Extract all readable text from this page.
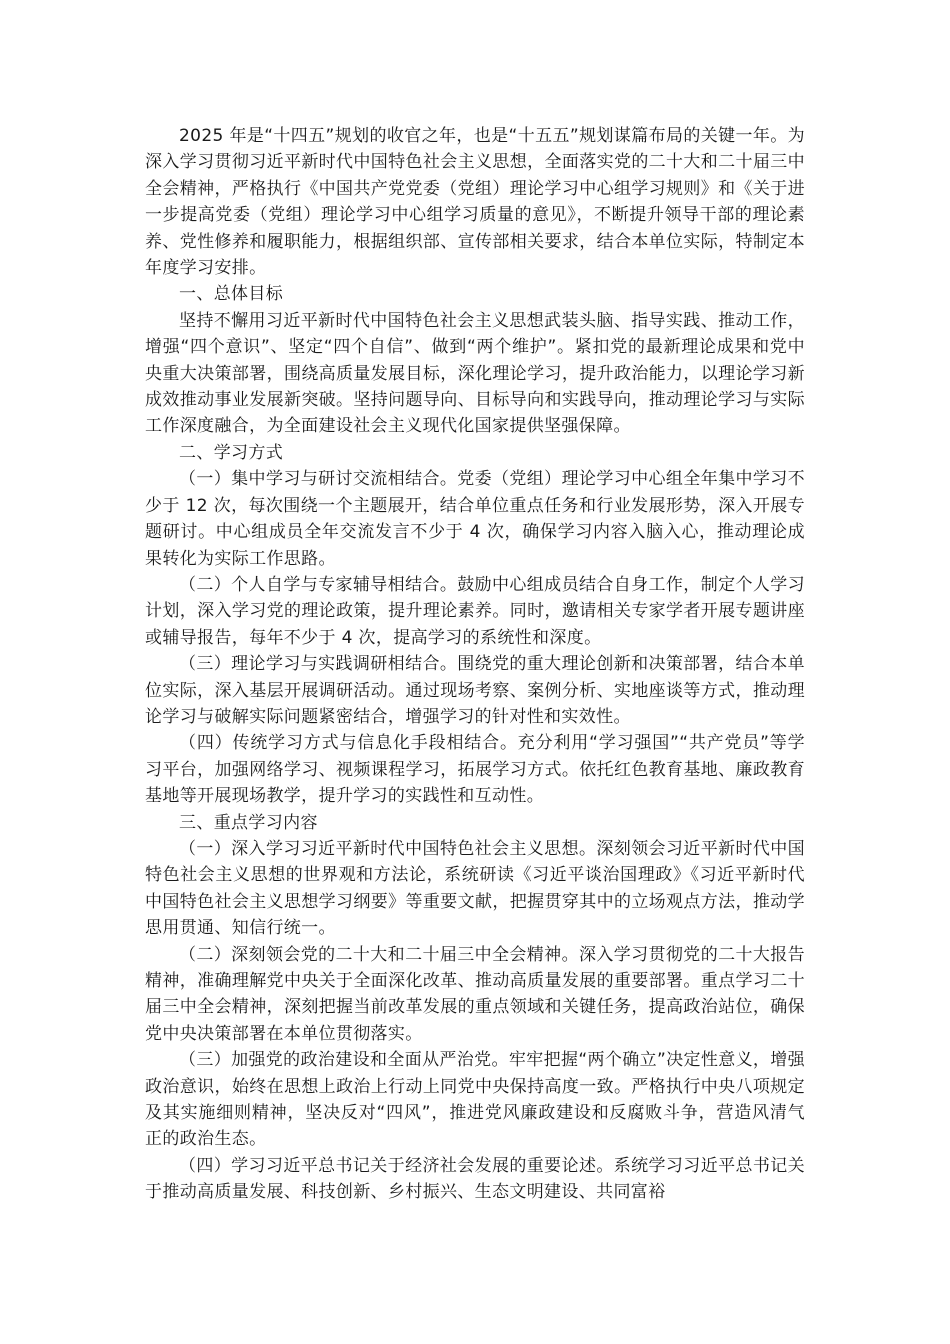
2025 年是“十四五”规划的收官之年，也是“十五五”规划谋篇布局的关键一年。为深入学习贯彻习近平新时代中国特色社会主义思想，全面落实党的二十大和二十届三中全会精神，严格执行《中国共产党党委（党组）理论学习中心组学习规则》和《关于进一步提高党委（党组）理论学习中心组学习质量的意见》，不断提升领导干部的理论素养、党性修养和履职能力，根据组织部、宣传部相关要求，结合本单位实际，特制定本年度学习安排。

一、总体目标

坚持不懈用习近平新时代中国特色社会主义思想武装头脑、指导实践、推动工作，增强“四个意识”、坚定“四个自信”、做到“两个维护”。紧扣党的最新理论成果和党中央重大决策部署，围绕高质量发展目标，深化理论学习，提升政治能力，以理论学习新成效推动事业发展新突破。坚持问题导向、目标导向和实践导向，推动理论学习与实际工作深度融合，为全面建设社会主义现代化国家提供坚强保障。

二、学习方式

（一）集中学习与研讨交流相结合。党委（党组）理论学习中心组全年集中学习不少于 12 次，每次围绕一个主题展开，结合单位重点任务和行业发展形势，深入开展专题研讨。中心组成员全年交流发言不少于 4 次，确保学习内容入脑入心，推动理论成果转化为实际工作思路。

（二）个人自学与专家辅导相结合。鼓励中心组成员结合自身工作，制定个人学习计划，深入学习党的理论政策，提升理论素养。同时，邀请相关专家学者开展专题讲座或辅导报告，每年不少于 4 次，提高学习的系统性和深度。

（三）理论学习与实践调研相结合。围绕党的重大理论创新和决策部署，结合本单位实际，深入基层开展调研活动。通过现场考察、案例分析、实地座谈等方式，推动理论学习与破解实际问题紧密结合，增强学习的针对性和实效性。

（四）传统学习方式与信息化手段相结合。充分利用“学习强国”“共产党员”等学习平台，加强网络学习、视频课程学习，拓展学习方式。依托红色教育基地、廉政教育基地等开展现场教学，提升学习的实践性和互动性。

三、重点学习内容

（一）深入学习习近平新时代中国特色社会主义思想。深刻领会习近平新时代中国特色社会主义思想的世界观和方法论，系统研读《习近平谈治国理政》《习近平新时代中国特色社会主义思想学习纲要》等重要文献，把握贯穿其中的立场观点方法，推动学思用贯通、知信行统一。

（二）深刻领会党的二十大和二十届三中全会精神。深入学习贯彻党的二十大报告精神，准确理解党中央关于全面深化改革、推动高质量发展的重要部署。重点学习二十届三中全会精神，深刻把握当前改革发展的重点领域和关键任务，提高政治站位，确保党中央决策部署在本单位贯彻落实。

（三）加强党的政治建设和全面从严治党。牢牢把握“两个确立”决定性意义，增强政治意识，始终在思想上政治上行动上同党中央保持高度一致。严格执行中央八项规定及其实施细则精神，坚决反对“四风”，推进党风廉政建设和反腐败斗争，营造风清气正的政治生态。

（四）学习习近平总书记关于经济社会发展的重要论述。系统学习习近平总书记关于推动高质量发展、科技创新、乡村振兴、生态文明建设、共同富裕
